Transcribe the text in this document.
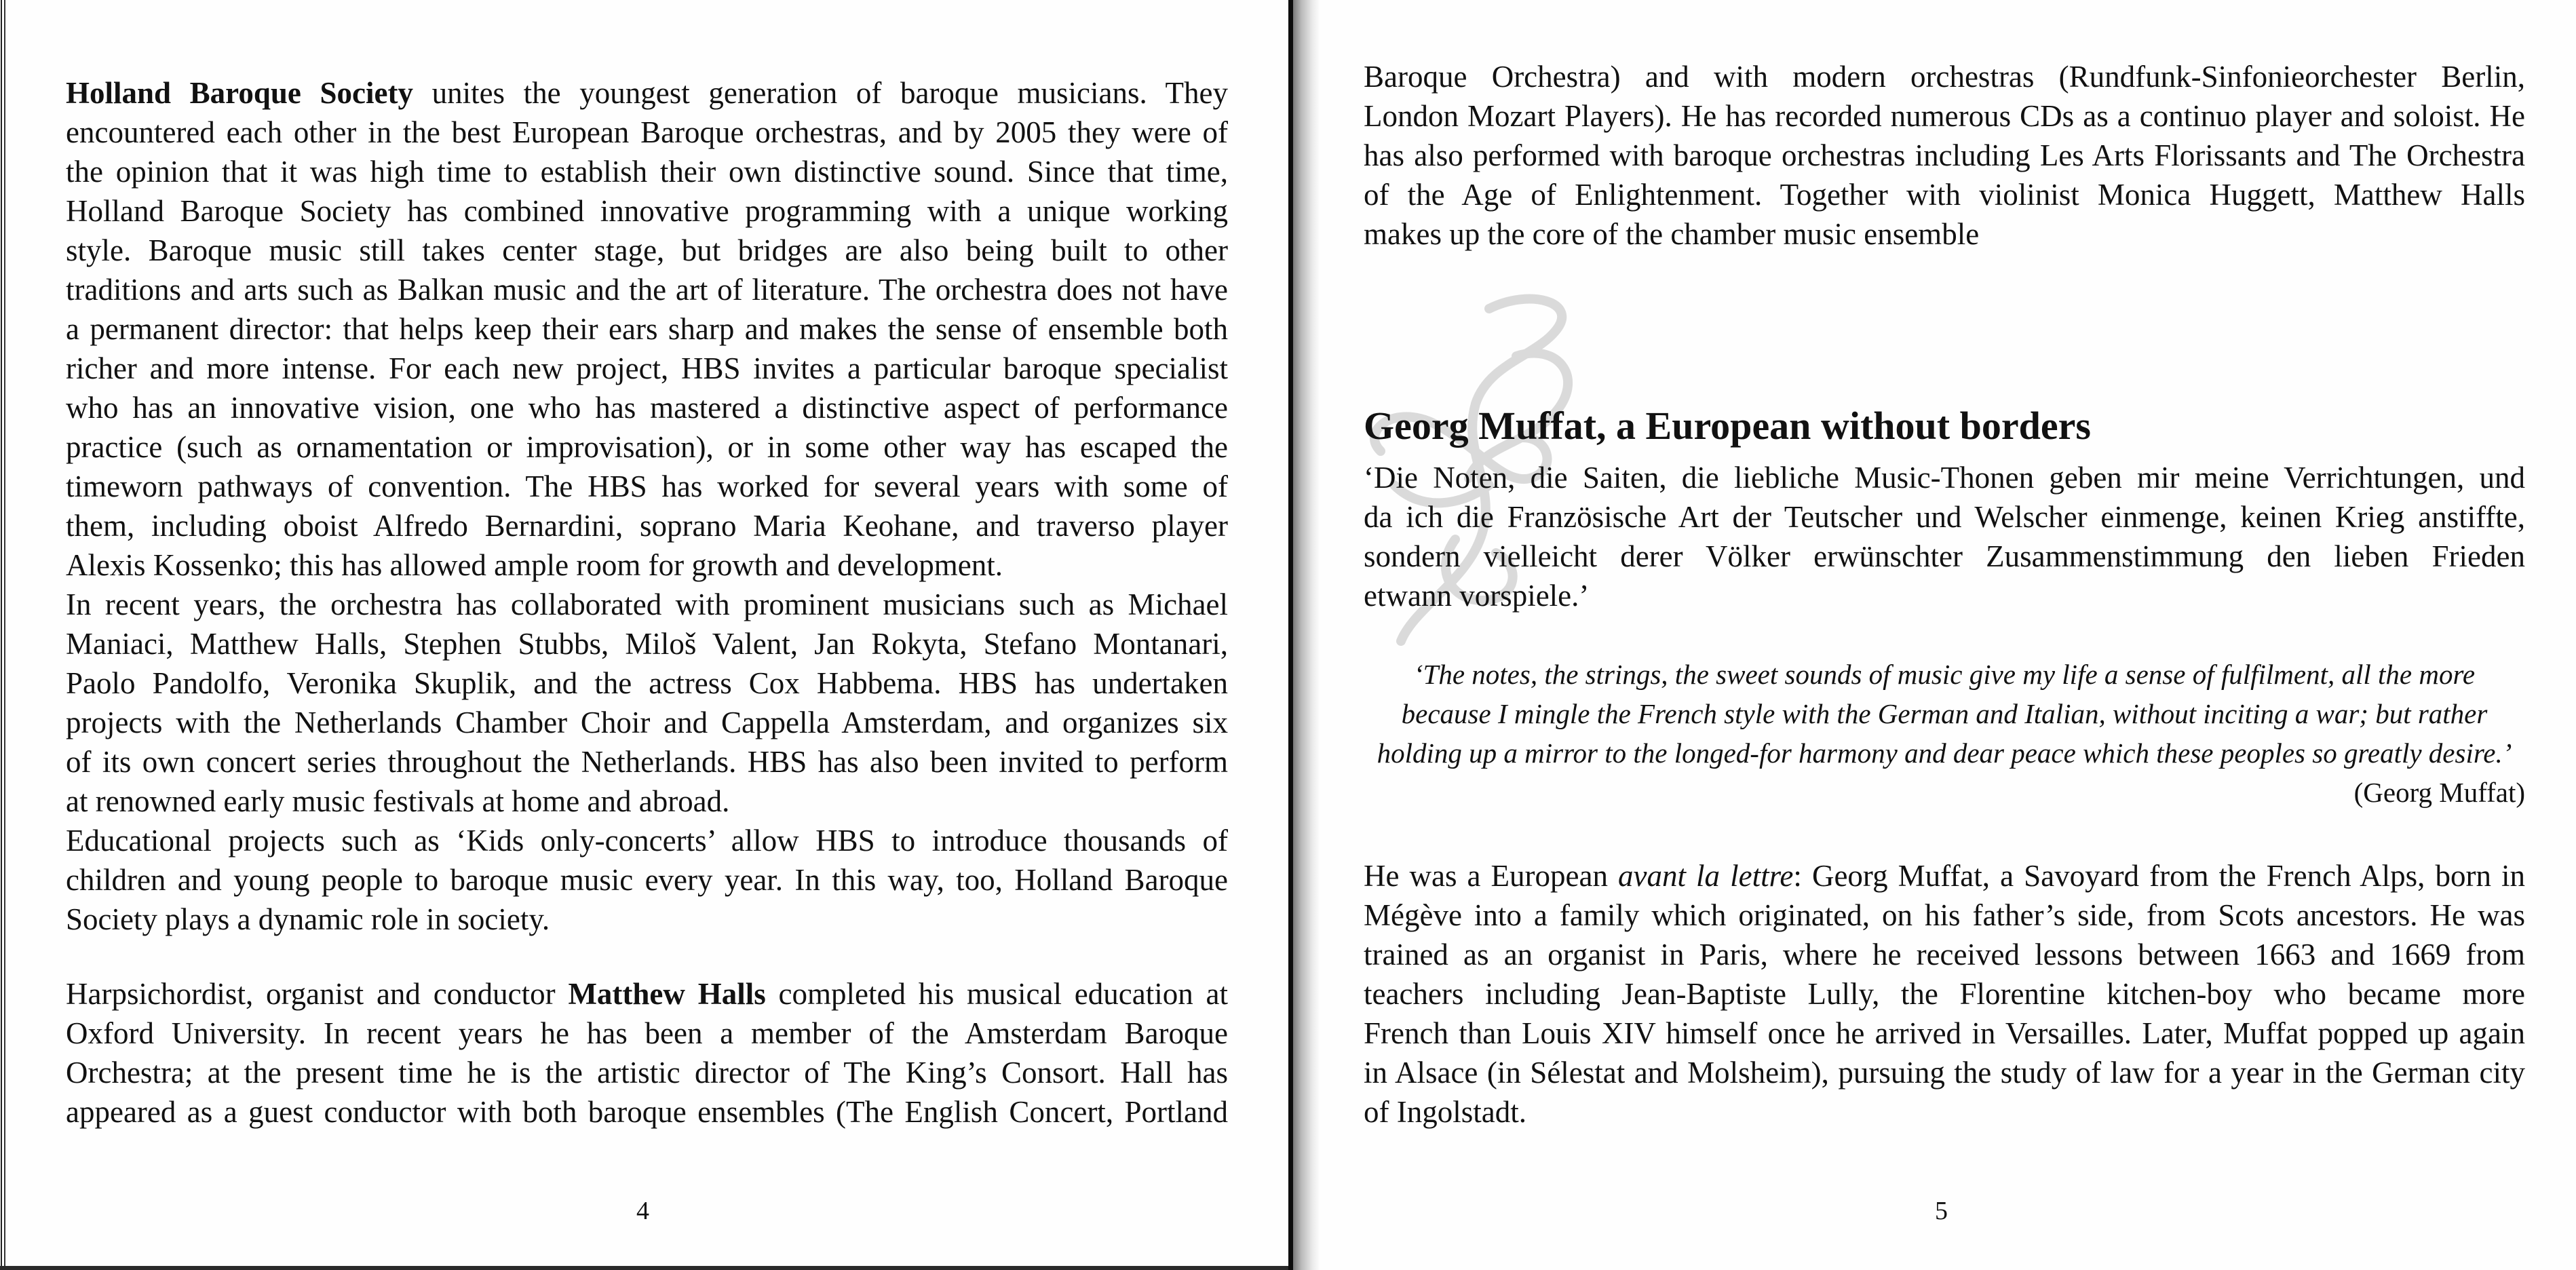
Holland Baroque Society unites the youngest generation of baroque musicians. They
encountered each other in the best European Baroque orchestras, and by 2005 they were of
the opinion that it was high time to establish their own distinctive sound. Since that time,
Holland Baroque Society has combined innovative programming with a unique working
style. Baroque music still takes center stage, but bridges are also being built to other
traditions and arts such as Balkan music and the art of literature. The orchestra does not have
a permanent director: that helps keep their ears sharp and makes the sense of ensemble both
richer and more intense. For each new project, HBS invites a particular baroque specialist
who has an innovative vision, one who has mastered a distinctive aspect of performance
practice (such as ornamentation or improvisation), or in some other way has escaped the
timeworn pathways of convention. The HBS has worked for several years with some of
them, including oboist Alfredo Bernardini, soprano Maria Keohane, and traverso player
Alexis Kossenko; this has allowed ample room for growth and development.
In recent years, the orchestra has collaborated with prominent musicians such as Michael
Maniaci, Matthew Halls, Stephen Stubbs, Miloš Valent, Jan Rokyta, Stefano Montanari,
Paolo Pandolfo, Veronika Skuplik, and the actress Cox Habbema. HBS has undertaken
projects with the Netherlands Chamber Choir and Cappella Amsterdam, and organizes six
of its own concert series throughout the Netherlands. HBS has also been invited to perform
at renowned early music festivals at home and abroad.
Educational projects such as ‘Kids only-concerts’ allow HBS to introduce thousands of
children and young people to baroque music every year. In this way, too, Holland Baroque
Society plays a dynamic role in society.
Harpsichordist, organist and conductor Matthew Halls completed his musical education at
Oxford University. In recent years he has been a member of the Amsterdam Baroque
Orchestra; at the present time he is the artistic director of The King’s Consort. Hall has
appeared as a guest conductor with both baroque ensembles (The English Concert, Portland
4
Baroque Orchestra) and with modern orchestras (Rundfunk-Sinfonieorchester Berlin,
London Mozart Players). He has recorded numerous CDs as a continuo player and soloist. He
has also performed with baroque orchestras including Les Arts Florissants and The Orchestra
of the Age of Enlightenment. Together with violinist Monica Huggett, Matthew Halls
makes up the core of the chamber music ensemble
Georg Muffat, a European without borders
‘Die Noten, die Saiten, die liebliche Music-Thonen geben mir meine Verrichtungen, und
da ich die Französische Art der Teutscher und Welscher einmenge, keinen Krieg anstiffte,
sondern vielleicht derer Völker erwünschter Zusammenstimmung den lieben Frieden
etwann vorspiele.’
‘The notes, the strings, the sweet sounds of music give my life a sense of fulfilment, all the more
because I mingle the French style with the German and Italian, without inciting a war; but rather
holding up a mirror to the longed-for harmony and dear peace which these peoples so greatly desire.’
(Georg Muffat)
He was a European avant la lettre: Georg Muffat, a Savoyard from the French Alps, born in
Mégève into a family which originated, on his father’s side, from Scots ancestors. He was
trained as an organist in Paris, where he received lessons between 1663 and 1669 from
teachers including Jean-Baptiste Lully, the Florentine kitchen-boy who became more
French than Louis XIV himself once he arrived in Versailles. Later, Muffat popped up again
in Alsace (in Sélestat and Molsheim), pursuing the study of law for a year in the German city
of Ingolstadt.
5
